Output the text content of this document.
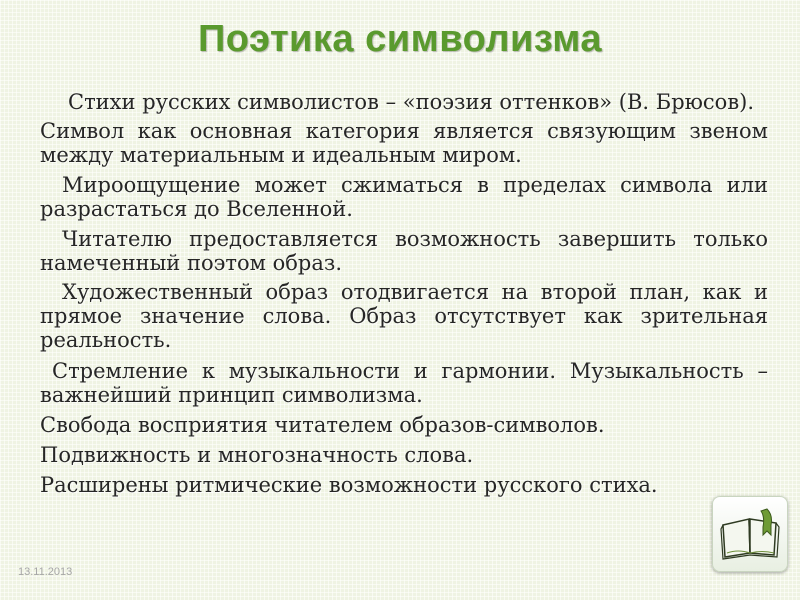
Поэтика символизма
Стихи русских символистов – «поэзия оттенков» (В. Брюсов).
Символ как основная категория является связующим звеном между материальным и идеальным миром.
Мироощущение может сжиматься в пределах символа или разрастаться до Вселенной.
Читателю предоставляется возможность завершить только намеченный поэтом образ.
Художественный образ отодвигается на второй план, как и прямое значение слова. Образ отсутствует как зрительная реальность.
Стремление к музыкальности и гармонии. Музыкальность – важнейший принцип символизма.
Свобода восприятия читателем образов-символов.
Подвижность и многозначность слова.
Расширены ритмические возможности русского стиха.
13.11.2013
